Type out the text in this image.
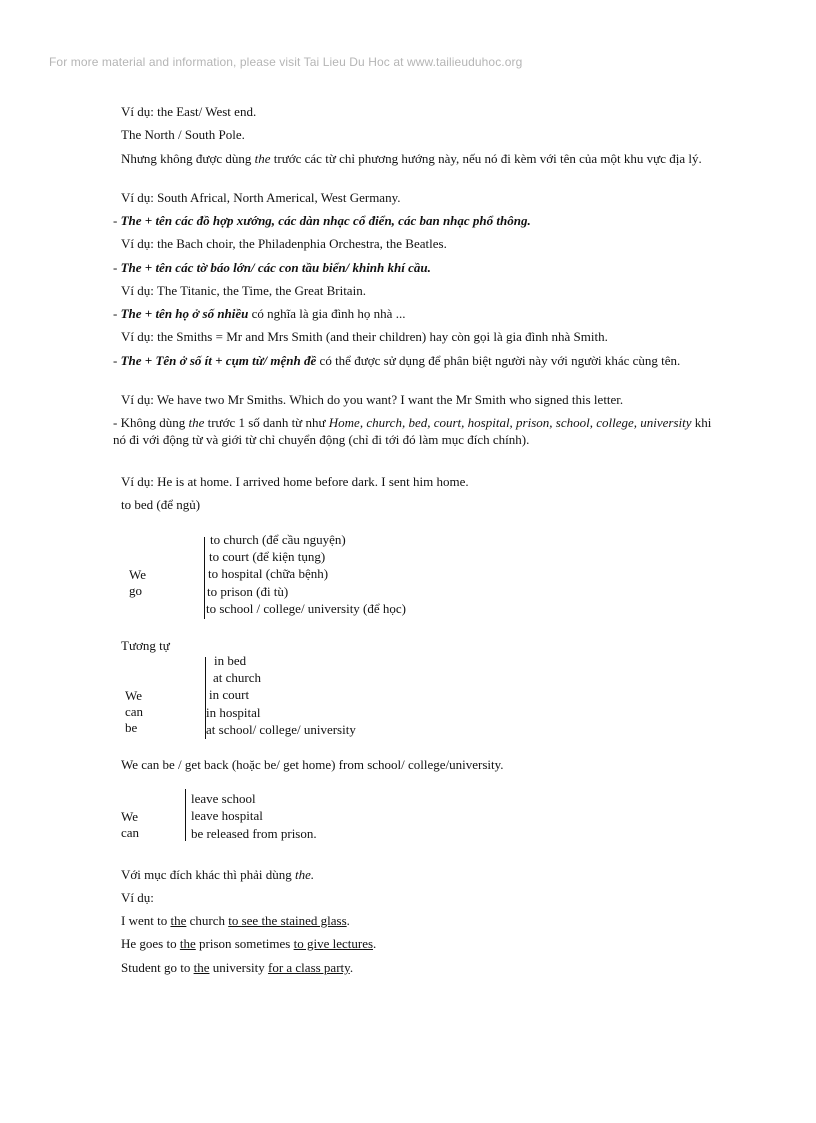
For more material and information, please visit Tai Lieu Du Hoc at www.tailieuduhoc.org
Ví dụ: the East/ West end.
The North / South Pole.
Nhưng không được dùng the trước các từ chỉ phương hướng này, nếu nó đi kèm với tên của một khu vực địa lý.
Ví dụ: South Africal, North Americal, West Germany.
- The + tên các đồ hợp xướng, các dàn nhạc cổ điển, các ban nhạc phổ thông.
Ví dụ: the Bach choir, the Philadenphia Orchestra, the Beatles.
- The + tên các tờ báo lớn/ các con tầu biển/ khinh khí cầu.
Ví dụ: The Titanic, the Time, the Great Britain.
- The + tên họ ở số nhiều có nghĩa là gia đình họ nhà ...
Ví dụ: the Smiths = Mr and Mrs Smith (and their children) hay còn gọi là gia đình nhà Smith.
- The + Tên ở số ít + cụm từ/ mệnh đề có thể được sử dụng để phân biệt người này với người khác cùng tên.
Ví dụ: We have two Mr Smiths. Which do you want? I want the Mr Smith who signed this letter.
- Không dùng the trước 1 số danh từ như Home, church, bed, court, hospital, prison, school, college, university khi nó đi với động từ và giới từ chỉ chuyển động (chỉ đi tới đó làm mục đích chính).
Ví dụ: He is at home. I arrived home before dark. I sent him home.
to bed (để ngủ)
We go
to church (để cầu nguyện)
to court (để kiện tụng)
to hospital (chữa bệnh)
to prison (đi tù)
to school / college/ university (để học)
Tương tự
We can be
in bed
at church
in court
in hospital
at school/ college/ university
We can be / get back (hoặc be/ get home) from school/ college/university.
We can
leave school
leave hospital
be released from prison.
Với mục đích khác thì phải dùng the.
Ví dụ:
I went to the church to see the stained glass.
He goes to the prison sometimes to give lectures.
Student go to the university for a class party.
